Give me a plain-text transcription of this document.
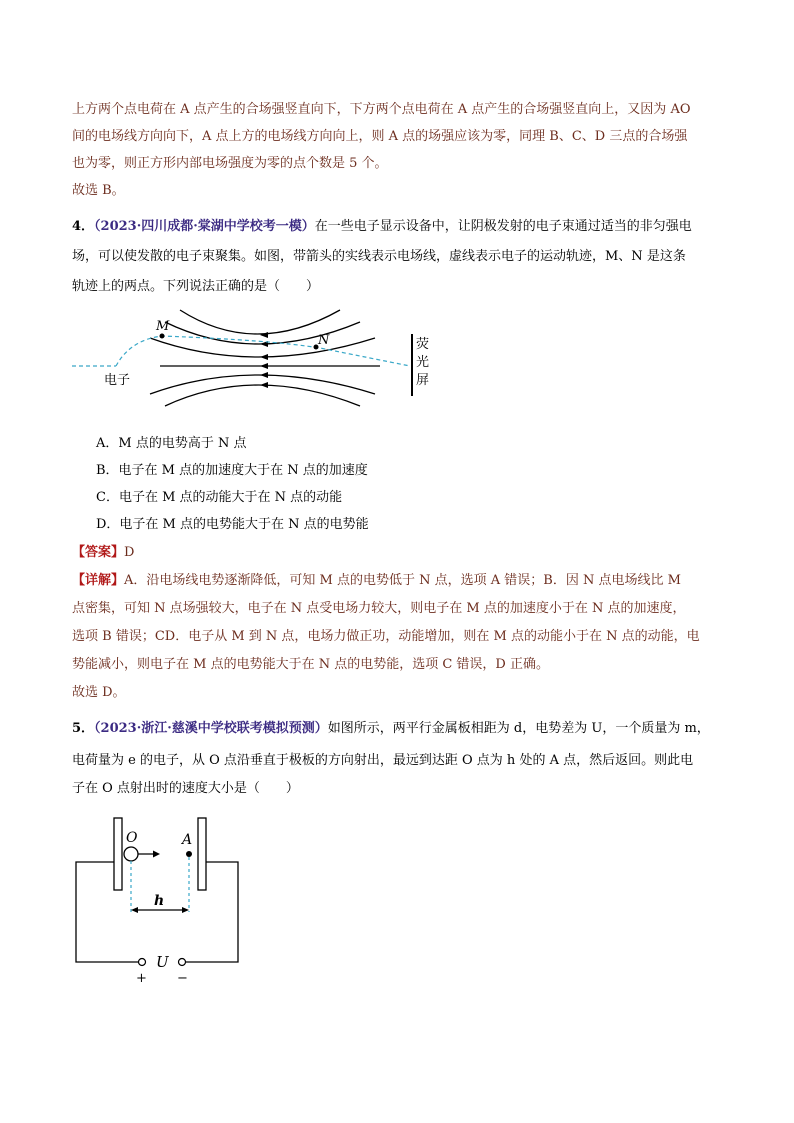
上方两个点电荷在 A 点产生的合场强竖直向下，下方两个点电荷在 A 点产生的合场强竖直向上，又因为 AO
间的电场线方向向下，A 点上方的电场线方向向上，则 A 点的场强应该为零，同理 B、C、D 三点的合场强
也为零，则正方形内部电场强度为零的点个数是 5 个。
故选 B。
4．（2023·四川成都·棠湖中学校考一模）在一些电子显示设备中，让阴极发射的电子束通过适当的非匀强电
场，可以使发散的电子束聚集。如图，带箭头的实线表示电场线，虚线表示电子的运动轨迹，M、N 是这条
轨迹上的两点。下列说法正确的是（　　）
M
N
电子
荧
光
屏
A．M 点的电势高于 N 点
B．电子在 M 点的加速度大于在 N 点的加速度
C．电子在 M 点的动能大于在 N 点的动能
D．电子在 M 点的电势能大于在 N 点的电势能
【答案】D
【详解】A．沿电场线电势逐渐降低，可知 M 点的电势低于 N 点，选项 A 错误；B．因 N 点电场线比 M
点密集，可知 N 点场强较大，电子在 N 点受电场力较大，则电子在 M 点的加速度小于在 N 点的加速度，
选项 B 错误；CD．电子从 M 到 N 点，电场力做正功，动能增加，则在 M 点的动能小于在 N 点的动能，电
势能减小，则电子在 M 点的电势能大于在 N 点的电势能，选项 C 错误，D 正确。
故选 D。
5．（2023·浙江·慈溪中学校联考模拟预测）如图所示，两平行金属板相距为 d，电势差为 U，一个质量为 m，
电荷量为 e 的电子，从 O 点沿垂直于极板的方向射出，最远到达距 O 点为 h 处的 A 点，然后返回。则此电
子在 O 点射出时的速度大小是（　　）
O	A
h
U
+ −
